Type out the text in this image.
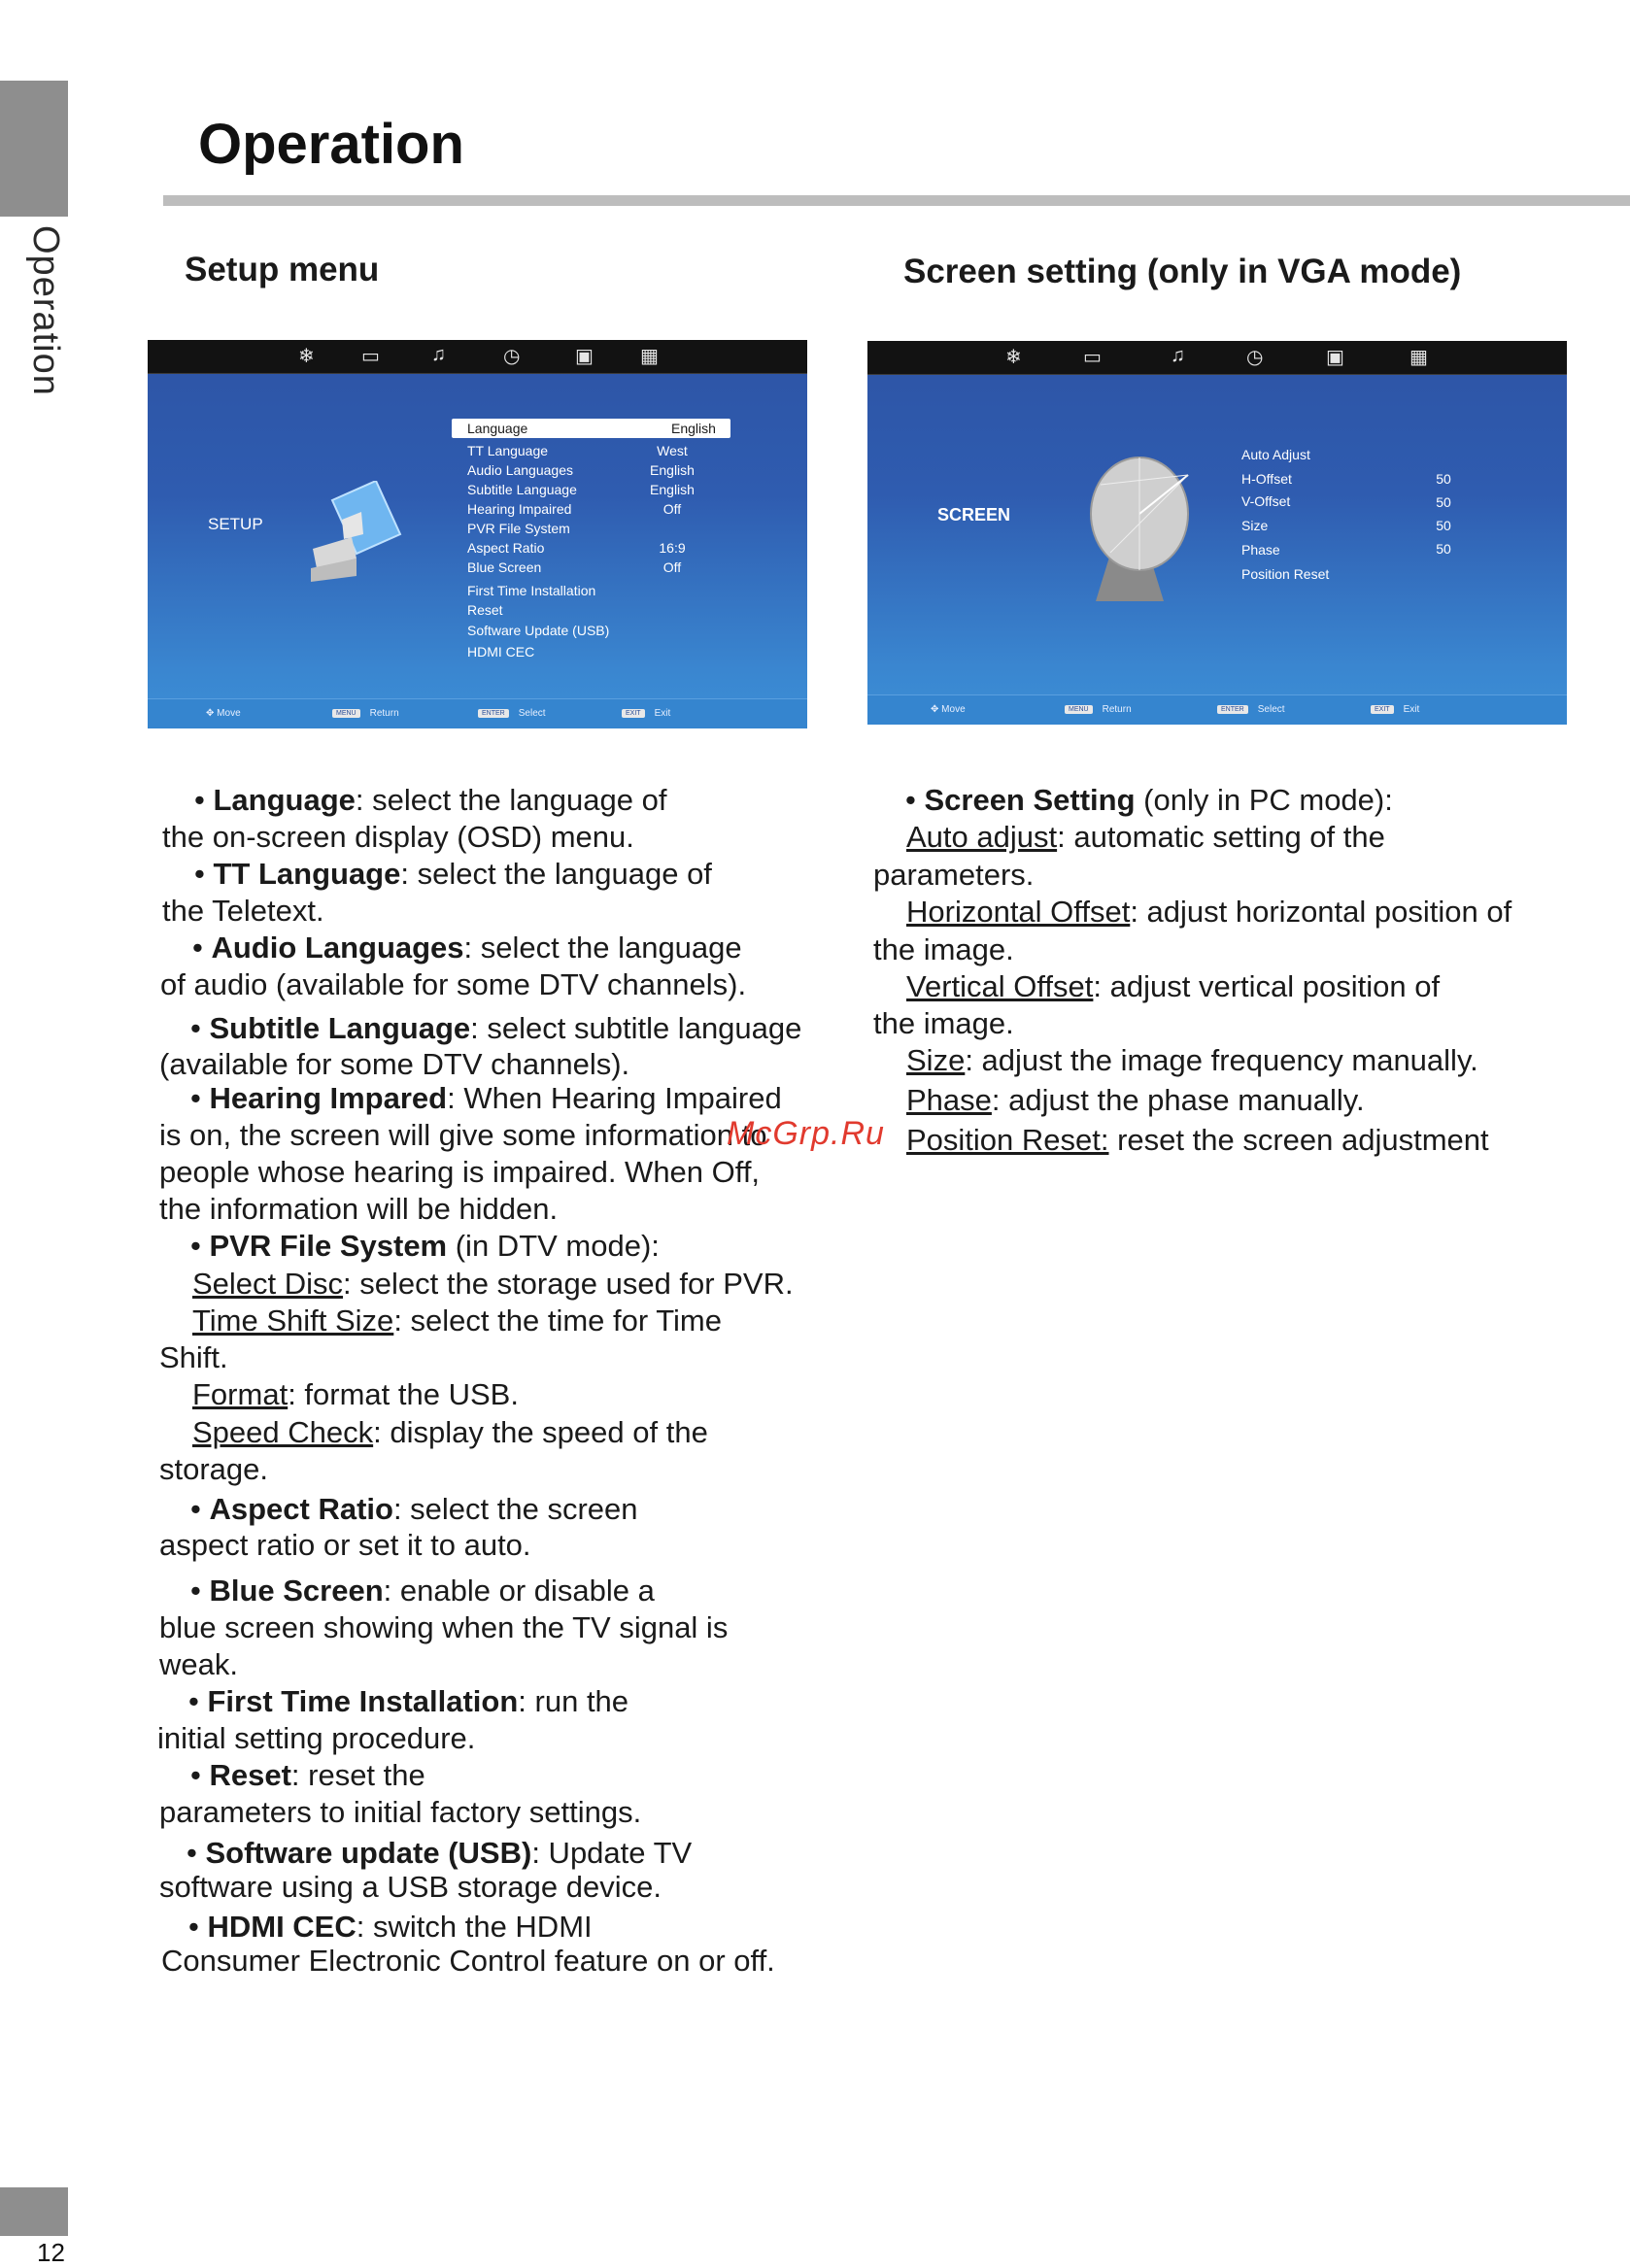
Operation
Operation
Setup menu	Screen setting (only in VGA mode)
❄ ▭	♫	◷	▣ ▦
SETUP
Language	English
TT Language	West
Audio Languages	English
Subtitle Language	English
Hearing Impaired	Off
PVR File System
Aspect Ratio	16:9
Blue Screen	Off
First Time Installation
Reset
Software Update (USB)
HDMI CEC
✥ Move	MENU Return	ENTER Select	EXIT Exit
❄	▭	♫	◷	▣	▦
SCREEN
Auto Adjust
H-Offset	50
V-Offset	50
Size	50
Phase	50
Position Reset
✥ Move	MENU Return	ENTER Select	EXIT Exit
• Language: select the language of
the on-screen display (OSD) menu.
• TT Language: select the language of
the Teletext.
• Audio Languages: select the language
of audio (available for some DTV channels).
• Subtitle Language: select subtitle language
(available for some DTV channels).
• Hearing Impared: When Hearing Impaired
is on, the screen will give some information to
people whose hearing is impaired. When Off,
the information will be hidden.
• PVR File System (in DTV mode):
Select Disc: select the storage used for PVR.
Time Shift Size: select the time for Time
Shift.
Format: format the USB.
Speed Check: display the speed of the
storage.
• Aspect Ratio: select the screen
aspect ratio or set it to auto.
• Blue Screen: enable or disable a
blue screen showing when the TV signal is
weak.
• First Time Installation: run the
initial setting procedure.
• Reset: reset the
parameters to initial factory settings.
• Software update (USB): Update TV
software using a USB storage device.
• HDMI CEC: switch the HDMI
Consumer Electronic Control feature on or off.
• Screen Setting (only in PC mode):
Auto adjust: automatic setting of the
parameters.
Horizontal Offset: adjust horizontal position of
the image.
Vertical Offset: adjust vertical position of
the image.
Size: adjust the image frequency manually.
Phase: adjust the phase manually.
Position Reset: reset the screen adjustment
McGrp.Ru
12
